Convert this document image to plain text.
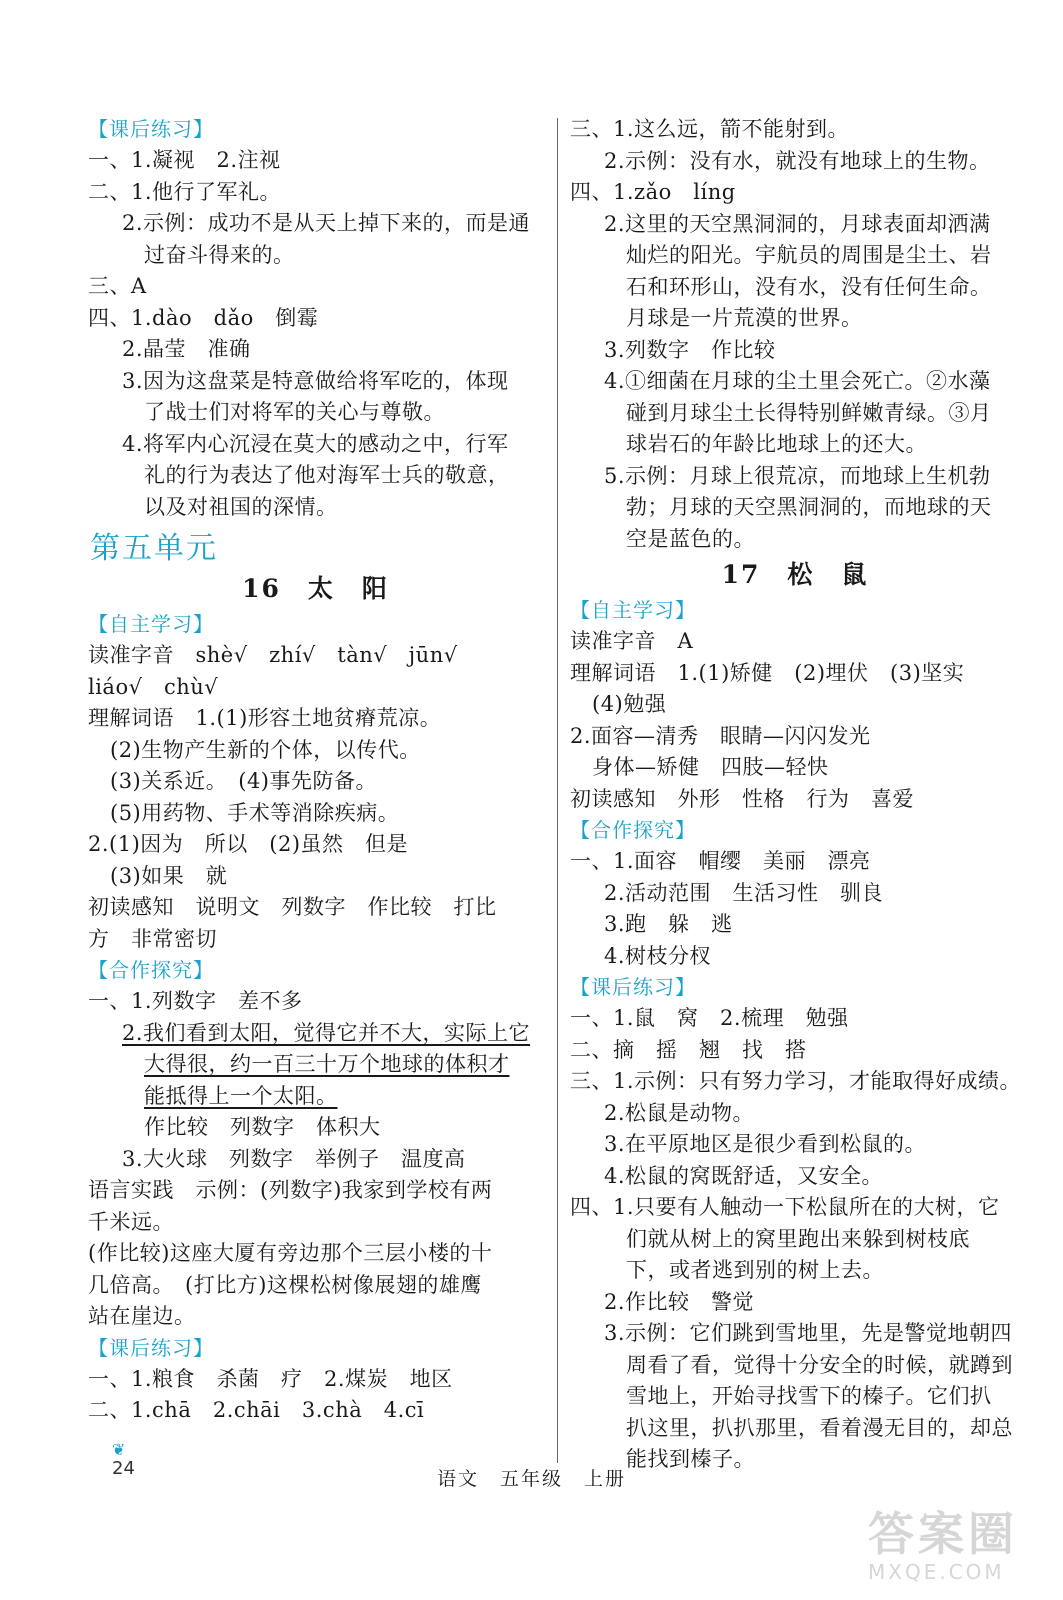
【课后练习】
一、1.凝视　2.注视
二、1.他行了军礼。
2.示例：成功不是从天上掉下来的，而是通
过奋斗得来的。
三、A
四、1.dào　dǎo　倒霉
2.晶莹　准确
3.因为这盘菜是特意做给将军吃的，体现
了战士们对将军的关心与尊敬。
4.将军内心沉浸在莫大的感动之中，行军
礼的行为表达了他对海军士兵的敬意，
以及对祖国的深情。
第五单元
16　太　阳
【自主学习】
读准字音　shè√　zhí√　tàn√　jūn√
liáo√　chù√
理解词语　1.(1)形容土地贫瘠荒凉。
(2)生物产生新的个体，以传代。
(3)关系近。　(4)事先防备。
(5)用药物、手术等消除疾病。
2.(1)因为　所以　(2)虽然　但是
(3)如果　就
初读感知　说明文　列数字　作比较　打比
方　非常密切
【合作探究】
一、1.列数字　差不多
2.我们看到太阳，觉得它并不大，实际上它
大得很，约一百三十万个地球的体积才
能抵得上一个太阳。
作比较　列数字　体积大
3.大火球　列数字　举例子　温度高
语言实践　示例：(列数字)我家到学校有两
千米远。
(作比较)这座大厦有旁边那个三层小楼的十
几倍高。　(打比方)这棵松树像展翅的雄鹰
站在崖边。
【课后练习】
一、1.粮食　杀菌　疗　2.煤炭　地区
二、1.chā　2.chāi　3.chà　4.cī
三、1.这么远，箭不能射到。
2.示例：没有水，就没有地球上的生物。
四、1.zǎo　líng
2.这里的天空黑洞洞的，月球表面却洒满
灿烂的阳光。宇航员的周围是尘土、岩
石和环形山，没有水，没有任何生命。
月球是一片荒漠的世界。
3.列数字　作比较
4.①细菌在月球的尘土里会死亡。②水藻
碰到月球尘土长得特别鲜嫩青绿。③月
球岩石的年龄比地球上的还大。
5.示例：月球上很荒凉，而地球上生机勃
勃；月球的天空黑洞洞的，而地球的天
空是蓝色的。
17　松　鼠
【自主学习】
读准字音　A
理解词语　1.(1)矫健　(2)埋伏　(3)坚实
(4)勉强
2.面容—清秀　眼睛—闪闪发光
身体—矫健　四肢—轻快
初读感知　外形　性格　行为　喜爱
【合作探究】
一、1.面容　帽缨　美丽　漂亮
2.活动范围　生活习性　驯良
3.跑　躲　逃
4.树枝分杈
【课后练习】
一、1.鼠　窝　2.梳理　勉强
二、摘　摇　翘　找　搭
三、1.示例：只有努力学习，才能取得好成绩。
2.松鼠是动物。
3.在平原地区是很少看到松鼠的。
4.松鼠的窝既舒适，又安全。
四、1.只要有人触动一下松鼠所在的大树，它
们就从树上的窝里跑出来躲到树枝底
下，或者逃到别的树上去。
2.作比较　警觉
3.示例：它们跳到雪地里，先是警觉地朝四
周看了看，觉得十分安全的时候，就蹲到
雪地上，开始寻找雪下的榛子。它们扒
扒这里，扒扒那里，看着漫无目的，却总
能找到榛子。
❦
24	语文　五年级　上册
答案圈
MXQE.COM
